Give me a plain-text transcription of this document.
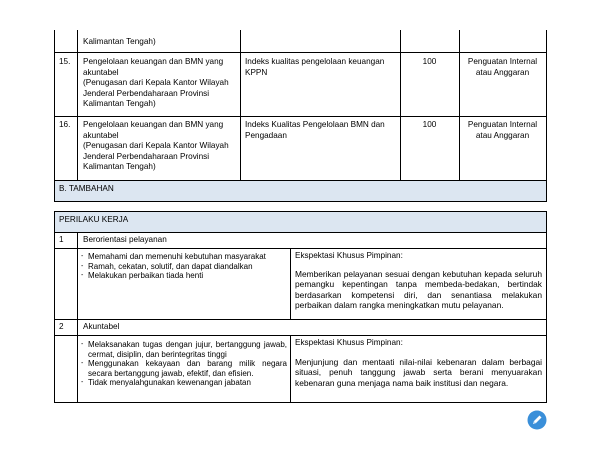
Kalimantan Tengah)
15. Pengelolaan keuangan dan BMN yang
akuntabel
(Penugasan dari Kepala Kantor Wilayah
Jenderal Perbendaharaan Provinsi
Kalimantan Tengah)
Indeks kualitas pengelolaan keuangan
KPPN
100	Penguatan Internal
atau Anggaran
16. Pengelolaan keuangan dan BMN yang
akuntabel
(Penugasan dari Kepala Kantor Wilayah
Jenderal Perbendaharaan Provinsi
Kalimantan Tengah)
Indeks Kualitas Pengelolaan BMN dan
Pengadaan
100	Penguatan Internal
atau Anggaran
B. TAMBAHAN
PERILAKU KERJA
1 Berorientasi pelayanan
- Memahami dan memenuhi kebutuhan masyarakat
- Ramah, cekatan, solutif, dan dapat diandalkan
- Melakukan perbaikan tiada henti
Ekspektasi Khusus Pimpinan:
Memberikan pelayanan sesuai dengan kebutuhan kepada seluruh pemangku kepentingan tanpa membeda-bedakan, bertindak berdasarkan kompetensi diri, dan senantiasa melakukan perbaikan dalam rangka meningkatkan mutu pelayanan.
2 Akuntabel
- Melaksanakan tugas dengan jujur, bertanggung jawab, cermat, disiplin, dan berintegritas tinggi
- Menggunakan kekayaan dan barang milik negara secara bertanggung jawab, efektif, dan efisien.
- Tidak menyalahgunakan kewenangan jabatan
Ekspektasi Khusus Pimpinan:
Menjunjung dan mentaati nilai-nilai kebenaran dalam berbagai situasi, penuh tanggung jawab serta berani menyuarakan kebenaran guna menjaga nama baik institusi dan negara.
